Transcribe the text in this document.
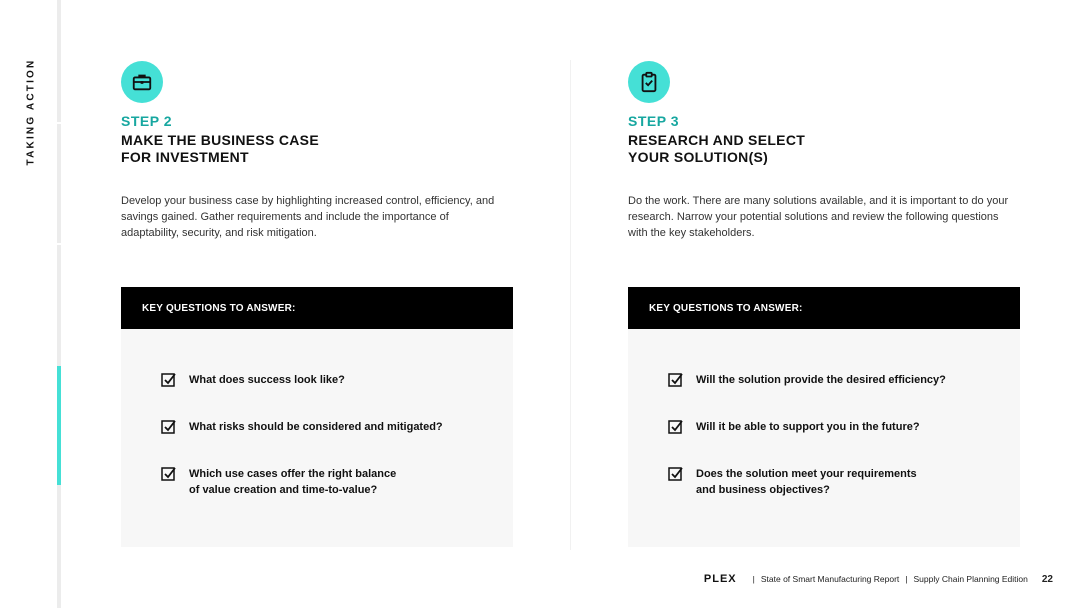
TAKING ACTION	STEP 2
MAKE THE BUSINESS CASE
FOR INVESTMENT
Develop your business case by highlighting increased control, efficiency, and savings gained. Gather requirements and include the importance of adaptability, security, and risk mitigation.
KEY QUESTIONS TO ANSWER:
What does success look like?
What risks should be considered and mitigated?
Which use cases offer the right balance
of value creation and time-to-value?
STEP 3
RESEARCH AND SELECT
YOUR SOLUTION(S)
Do the work. There are many solutions available, and it is important to do your research. Narrow your potential solutions and review the following questions with the key stakeholders.
KEY QUESTIONS TO ANSWER:
Will the solution provide the desired efficiency?
Will it be able to support you in the future?
Does the solution meet your requirements
and business objectives?
PLEX | State of Smart Manufacturing Report | Supply Chain Planning Edition 22
